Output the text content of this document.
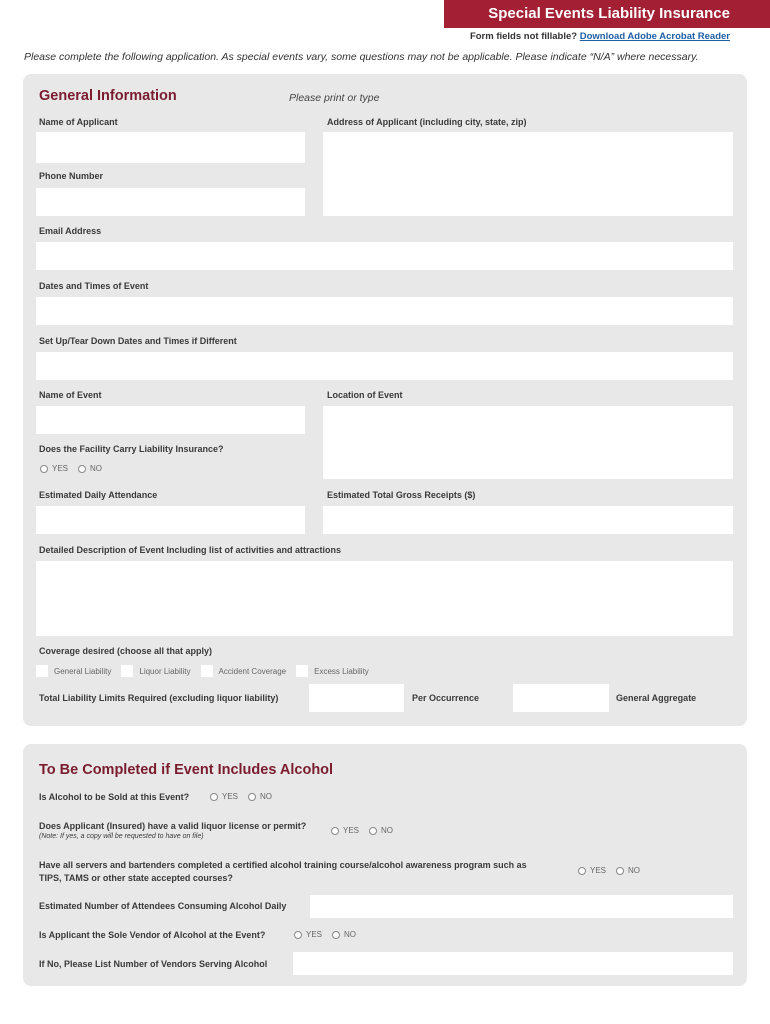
Special Events Liability Insurance
Form fields not fillable? Download Adobe Acrobat Reader
Please complete the following application. As special events vary, some questions may not be applicable. Please indicate “N/A” where necessary.
General Information	Please print or type
Name of Applicant	Address of Applicant (including city, state, zip)
Phone Number
Email Address
Dates and Times of Event
Set Up/Tear Down Dates and Times if Different
Name of Event	Location of Event
Does the Facility Carry Liability Insurance?
YES	NO
Estimated Daily Attendance	Estimated Total Gross Receipts ($)
Detailed Description of Event Including list of activities and attractions
Coverage desired (choose all that apply)
General Liability	Liquor Liability	Accident Coverage	Excess Liability
Total Liability Limits Required (excluding liquor liability)	Per Occurrence	General Aggregate
To Be Completed if Event Includes Alcohol
Is Alcohol to be Sold at this Event?	YES	NO
Does Applicant (Insured) have a valid liquor license or permit?
(Note: If yes, a copy will be requested to have on file)
YES	NO
Have all servers and bartenders completed a certified alcohol training course/alcohol awareness program such as
TIPS, TAMS or other state accepted courses?
YES	NO
Estimated Number of Attendees Consuming Alcohol Daily
Is Applicant the Sole Vendor of Alcohol at the Event?	YES	NO
If No, Please List Number of Vendors Serving Alcohol
